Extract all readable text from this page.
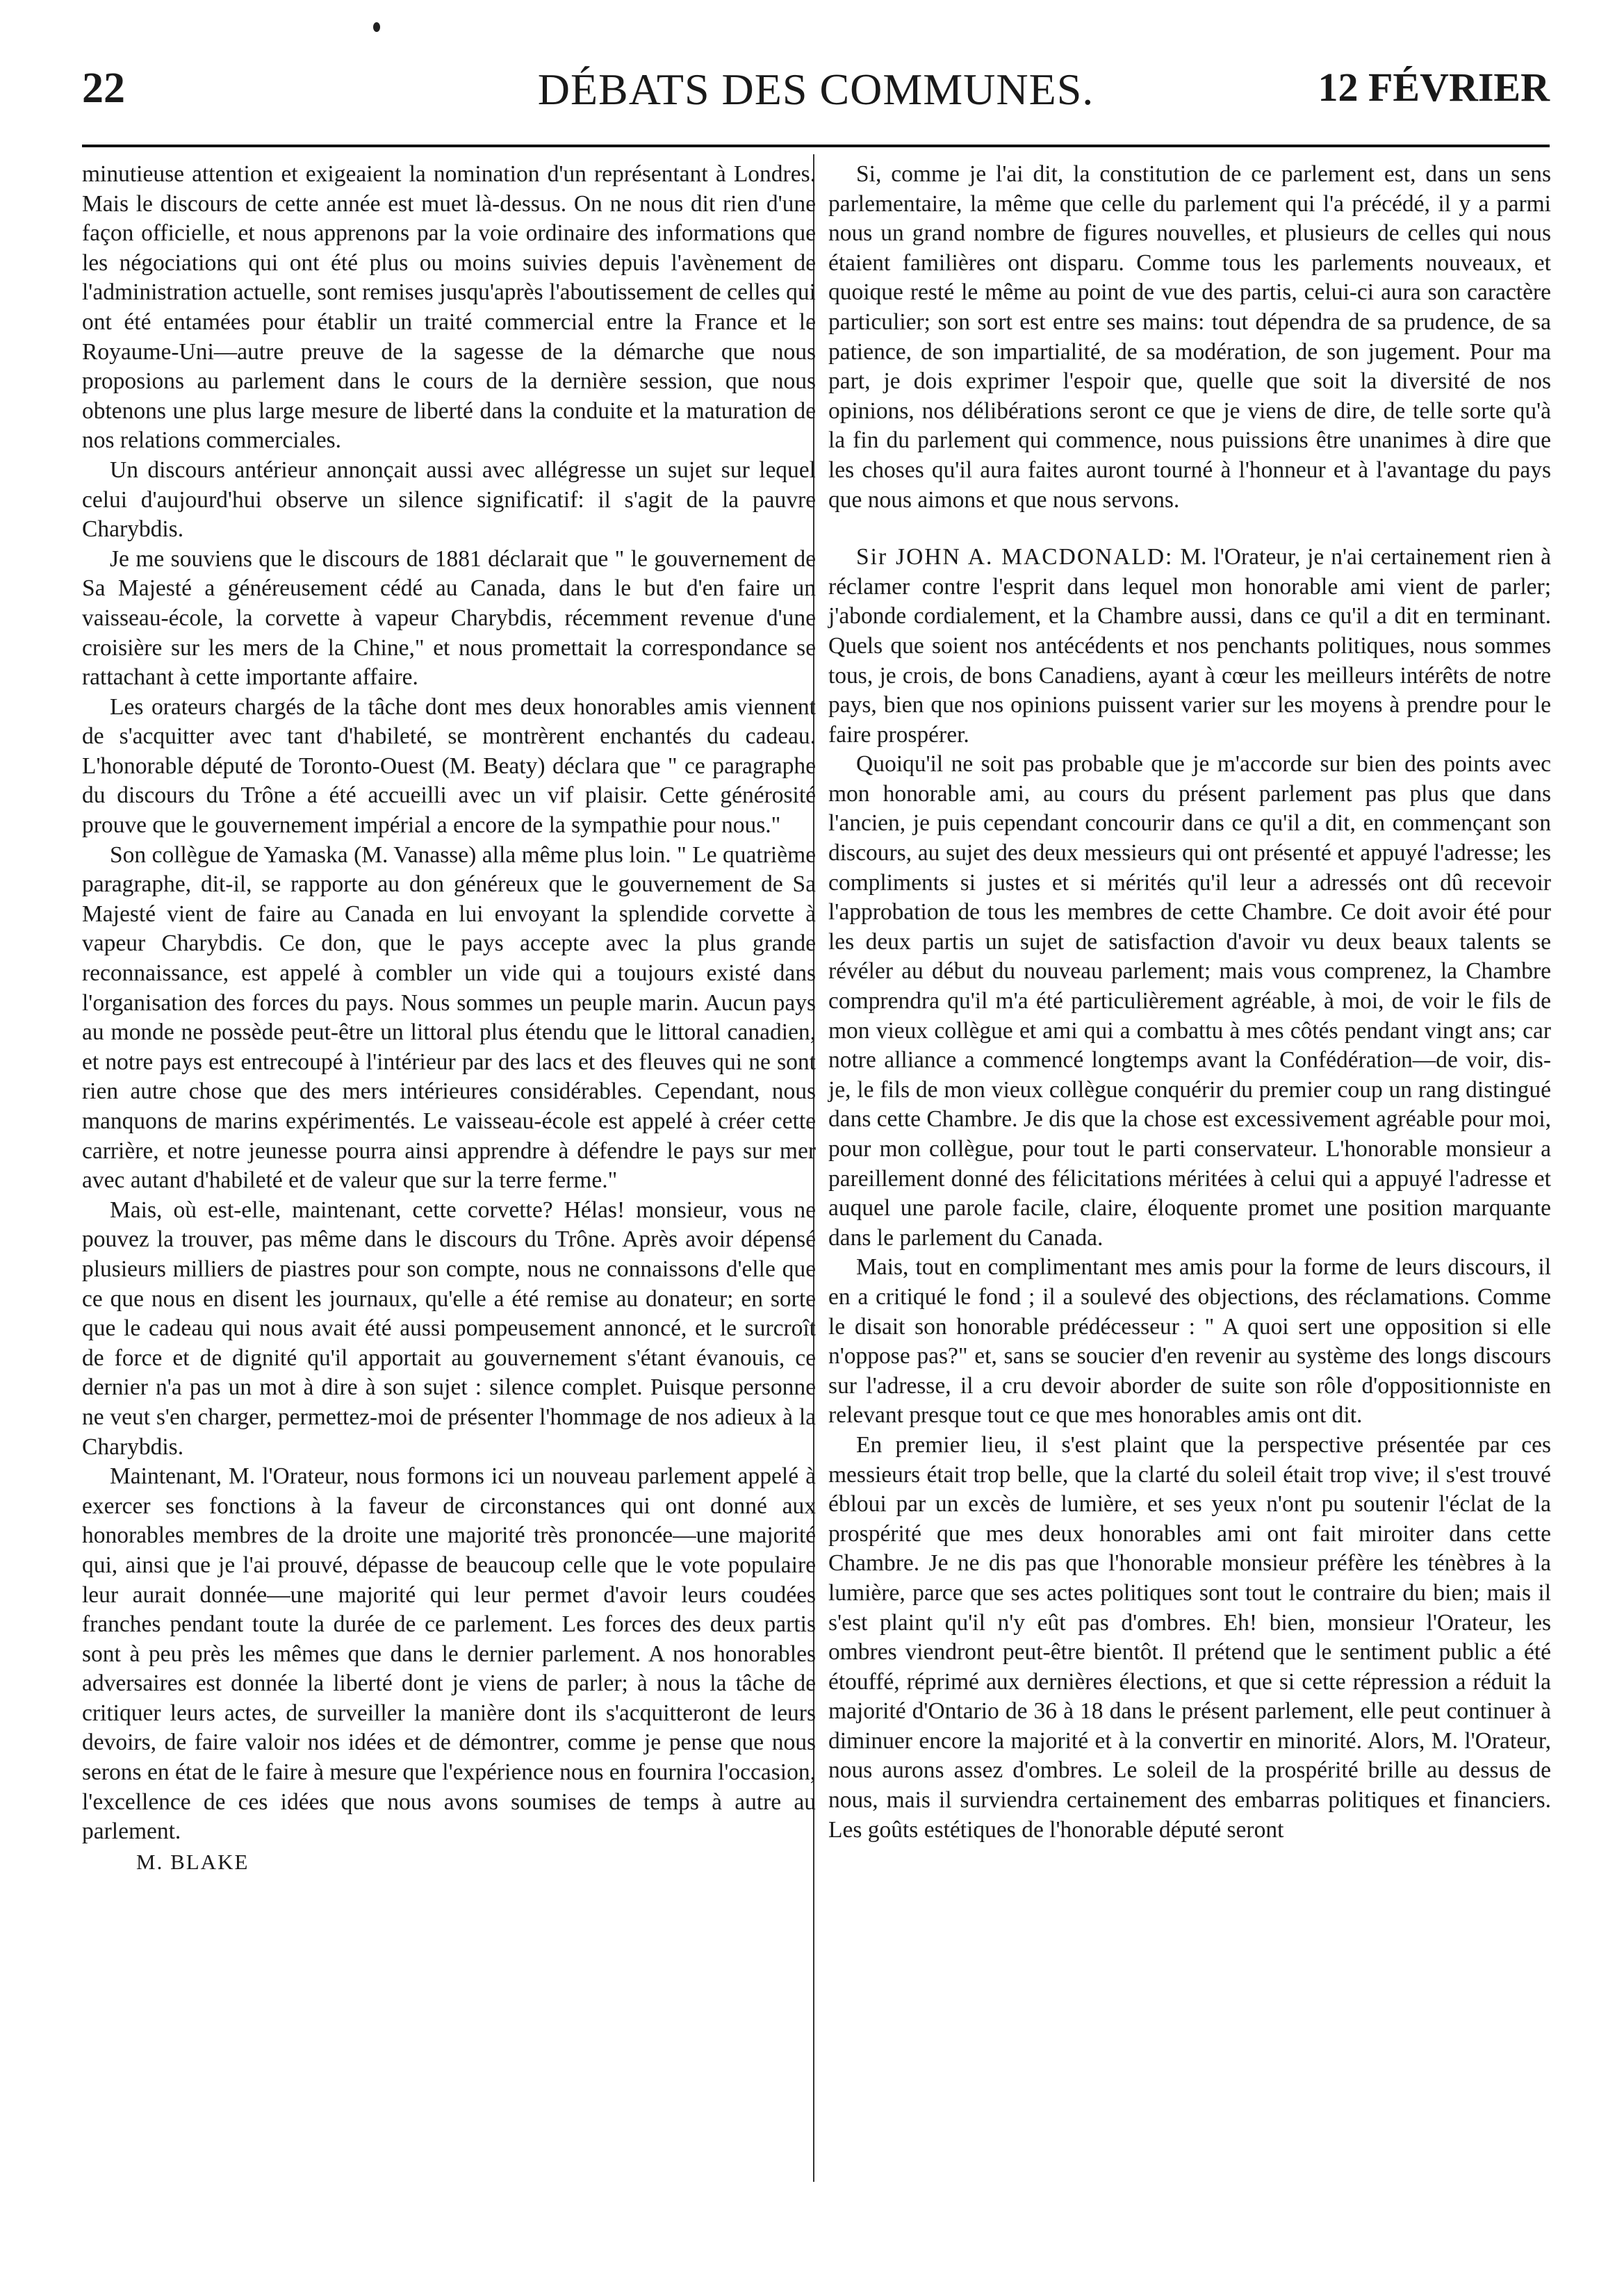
22	DÉBATS DES COMMUNES.	12 FÉVRIER

minutieuse attention et exigeaient la nomination d'un représentant à Londres. Mais le discours de cette année est muet là-dessus. On ne nous dit rien d'une façon officielle, et nous apprenons par la voie ordinaire des informations que les négociations qui ont été plus ou moins suivies depuis l'avènement de l'administration actuelle, sont remises jusqu'après l'aboutissement de celles qui ont été entamées pour établir un traité commercial entre la France et le Royaume-Uni—autre preuve de la sagesse de la démarche que nous proposions au parlement dans le cours de la dernière session, que nous obtenons une plus large mesure de liberté dans la conduite et la maturation de nos relations commerciales.

Un discours antérieur annonçait aussi avec allégresse un sujet sur lequel celui d'aujourd'hui observe un silence significatif: il s'agit de la pauvre Charybdis.

Je me souviens que le discours de 1881 déclarait que " le gouvernement de Sa Majesté a généreusement cédé au Canada, dans le but d'en faire un vaisseau-école, la corvette à vapeur Charybdis, récemment revenue d'une croisière sur les mers de la Chine," et nous promettait la correspondance se rattachant à cette importante affaire.

Les orateurs chargés de la tâche dont mes deux honorables amis viennent de s'acquitter avec tant d'habileté, se montrèrent enchantés du cadeau. L'honorable député de Toronto-Ouest (M. Beaty) déclara que " ce paragraphe du discours du Trône a été accueilli avec un vif plaisir. Cette générosité prouve que le gouvernement impérial a encore de la sympathie pour nous."

Son collègue de Yamaska (M. Vanasse) alla même plus loin. " Le quatrième paragraphe, dit-il, se rapporte au don généreux que le gouvernement de Sa Majesté vient de faire au Canada en lui envoyant la splendide corvette à vapeur Charybdis. Ce don, que le pays accepte avec la plus grande reconnaissance, est appelé à combler un vide qui a toujours existé dans l'organisation des forces du pays. Nous sommes un peuple marin. Aucun pays au monde ne possède peut-être un littoral plus étendu que le littoral canadien, et notre pays est entrecoupé à l'intérieur par des lacs et des fleuves qui ne sont rien autre chose que des mers intérieures considérables. Cependant, nous manquons de marins expérimentés. Le vaisseau-école est appelé à créer cette carrière, et notre jeunesse pourra ainsi apprendre à défendre le pays sur mer avec autant d'habileté et de valeur que sur la terre ferme."

Mais, où est-elle, maintenant, cette corvette? Hélas! monsieur, vous ne pouvez la trouver, pas même dans le discours du Trône. Après avoir dépensé plusieurs milliers de piastres pour son compte, nous ne connaissons d'elle que ce que nous en disent les journaux, qu'elle a été remise au donateur; en sorte que le cadeau qui nous avait été aussi pompeusement annoncé, et le surcroît de force et de dignité qu'il apportait au gouvernement s'étant évanouis, ce dernier n'a pas un mot à dire à son sujet : silence complet. Puisque personne ne veut s'en charger, permettez-moi de présenter l'hommage de nos adieux à la Charybdis.

Maintenant, M. l'Orateur, nous formons ici un nouveau parlement appelé à exercer ses fonctions à la faveur de circonstances qui ont donné aux honorables membres de la droite une majorité très prononcée—une majorité qui, ainsi que je l'ai prouvé, dépasse de beaucoup celle que le vote populaire leur aurait donnée—une majorité qui leur permet d'avoir leurs coudées franches pendant toute la durée de ce parlement. Les forces des deux partis sont à peu près les mêmes que dans le dernier parlement. A nos honorables adversaires est donnée la liberté dont je viens de parler; à nous la tâche de critiquer leurs actes, de surveiller la manière dont ils s'acquitteront de leurs devoirs, de faire valoir nos idées et de démontrer, comme je pense que nous serons en état de le faire à mesure que l'expérience nous en fournira l'occasion, l'excellence de ces idées que nous avons soumises de temps à autre au parlement.

M. BLAKE

Si, comme je l'ai dit, la constitution de ce parlement est, dans un sens parlementaire, la même que celle du parlement qui l'a précédé, il y a parmi nous un grand nombre de figures nouvelles, et plusieurs de celles qui nous étaient familières ont disparu. Comme tous les parlements nouveaux, et quoique resté le même au point de vue des partis, celui-ci aura son caractère particulier; son sort est entre ses mains: tout dépendra de sa prudence, de sa patience, de son impartialité, de sa modération, de son jugement. Pour ma part, je dois exprimer l'espoir que, quelle que soit la diversité de nos opinions, nos délibérations seront ce que je viens de dire, de telle sorte qu'à la fin du parlement qui commence, nous puissions être unanimes à dire que les choses qu'il aura faites auront tourné à l'honneur et à l'avantage du pays que nous aimons et que nous servons.

Sir JOHN A. MACDONALD: M. l'Orateur, je n'ai certainement rien à réclamer contre l'esprit dans lequel mon honorable ami vient de parler; j'abonde cordialement, et la Chambre aussi, dans ce qu'il a dit en terminant. Quels que soient nos antécédents et nos penchants politiques, nous sommes tous, je crois, de bons Canadiens, ayant à cœur les meilleurs intérêts de notre pays, bien que nos opinions puissent varier sur les moyens à prendre pour le faire prospérer.

Quoiqu'il ne soit pas probable que je m'accorde sur bien des points avec mon honorable ami, au cours du présent parlement pas plus que dans l'ancien, je puis cependant concourir dans ce qu'il a dit, en commençant son discours, au sujet des deux messieurs qui ont présenté et appuyé l'adresse; les compliments si justes et si mérités qu'il leur a adressés ont dû recevoir l'approbation de tous les membres de cette Chambre. Ce doit avoir été pour les deux partis un sujet de satisfaction d'avoir vu deux beaux talents se révéler au début du nouveau parlement; mais vous comprenez, la Chambre comprendra qu'il m'a été particulièrement agréable, à moi, de voir le fils de mon vieux collègue et ami qui a combattu à mes côtés pendant vingt ans; car notre alliance a commencé longtemps avant la Confédération—de voir, dis-je, le fils de mon vieux collègue conquérir du premier coup un rang distingué dans cette Chambre. Je dis que la chose est excessivement agréable pour moi, pour mon collègue, pour tout le parti conservateur. L'honorable monsieur a pareillement donné des félicitations méritées à celui qui a appuyé l'adresse et auquel une parole facile, claire, éloquente promet une position marquante dans le parlement du Canada.

Mais, tout en complimentant mes amis pour la forme de leurs discours, il en a critiqué le fond ; il a soulevé des objections, des réclamations. Comme le disait son honorable prédécesseur : " A quoi sert une opposition si elle n'oppose pas?" et, sans se soucier d'en revenir au système des longs discours sur l'adresse, il a cru devoir aborder de suite son rôle d'oppositionniste en relevant presque tout ce que mes honorables amis ont dit.

En premier lieu, il s'est plaint que la perspective présentée par ces messieurs était trop belle, que la clarté du soleil était trop vive; il s'est trouvé ébloui par un excès de lumière, et ses yeux n'ont pu soutenir l'éclat de la prospérité que mes deux honorables ami ont fait miroiter dans cette Chambre. Je ne dis pas que l'honorable monsieur préfère les ténèbres à la lumière, parce que ses actes politiques sont tout le contraire du bien; mais il s'est plaint qu'il n'y eût pas d'ombres. Eh! bien, monsieur l'Orateur, les ombres viendront peut-être bientôt. Il prétend que le sentiment public a été étouffé, réprimé aux dernières élections, et que si cette répression a réduit la majorité d'Ontario de 36 à 18 dans le présent parlement, elle peut continuer à diminuer encore la majorité et à la convertir en minorité. Alors, M. l'Orateur, nous aurons assez d'ombres. Le soleil de la prospérité brille au dessus de nous, mais il surviendra certainement des embarras politiques et financiers. Les goûts estétiques de l'honorable député seront
